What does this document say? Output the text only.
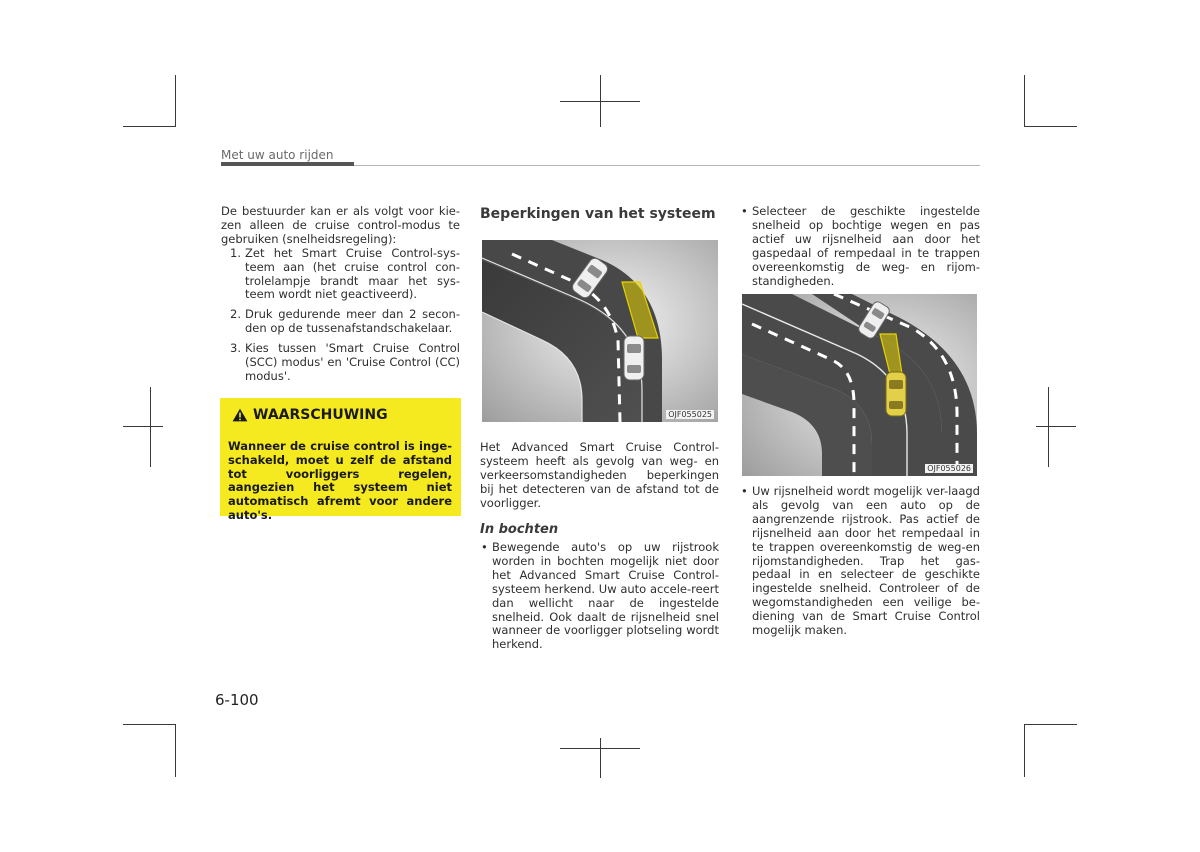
Met uw auto rijden
De bestuurder kan er als volgt voor kie-zen alleen de cruise control-modus te gebruiken (snelheidsregeling):
1. Zet het Smart Cruise Control-sys-teem aan (het cruise control con-trolelampje brandt maar het sys-teem wordt niet geactiveerd).
2. Druk gedurende meer dan 2 secon-den op de tussenafstandschakelaar.
3. Kies tussen 'Smart Cruise Control (SCC) modus' en 'Cruise Control (CC) modus'.
WAARSCHUWING
Wanneer de cruise control is inge-schakeld, moet u zelf de afstand tot voorliggers regelen, aangezien het systeem niet automatisch afremt voor andere auto's.
Beperkingen van het systeem
OJF055025
Het Advanced Smart Cruise Control-systeem heeft als gevolg van weg- en verkeersomstandigheden beperkingen bij het detecteren van de afstand tot de voorligger.
In bochten
• Bewegende auto's op uw rijstrook worden in bochten mogelijk niet door het Advanced Smart Cruise Control-systeem herkend. Uw auto accele-reert dan wellicht naar de ingestelde snelheid. Ook daalt de rijsnelheid snel wanneer de voorligger plotseling wordt herkend.
• Selecteer de geschikte ingestelde snelheid op bochtige wegen en pas actief uw rijsnelheid aan door het gaspedaal of rempedaal in te trappen overeenkomstig de weg- en rijom-standigheden.
OJF055026
• Uw rijsnelheid wordt mogelijk ver-laagd als gevolg van een auto op de aangrenzende rijstrook. Pas actief de rijsnelheid aan door het rempedaal in te trappen overeenkomstig de weg-en rijomstandigheden. Trap het gas-pedaal in en selecteer de geschikte ingestelde snelheid. Controleer of de wegomstandigheden een veilige be-diening van de Smart Cruise Control mogelijk maken.
6-100
